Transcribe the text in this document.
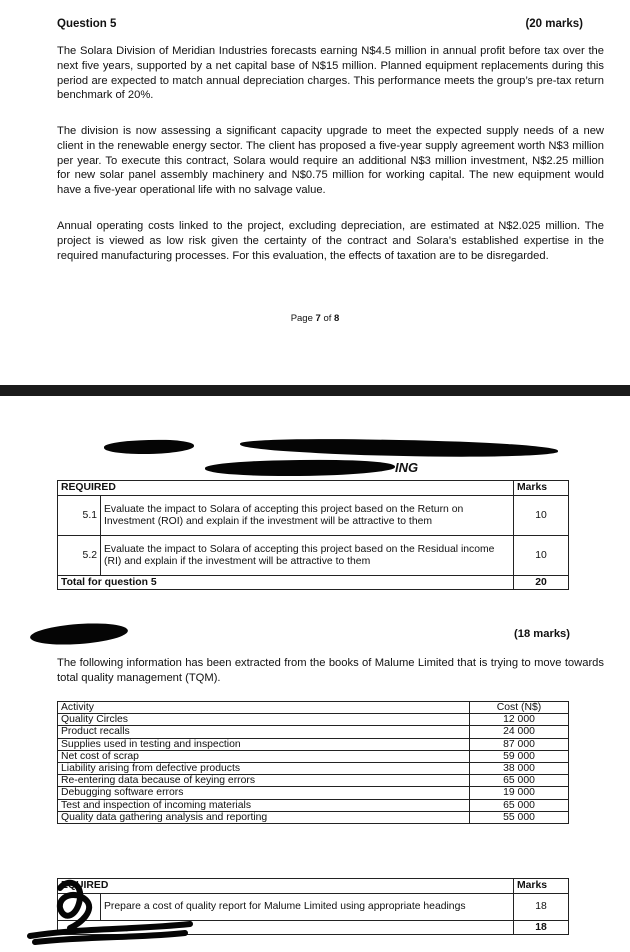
Question 5	(20 marks)

The Solara Division of Meridian Industries forecasts earning N$4.5 million in annual profit before tax over the next five years, supported by a net capital base of N$15 million. Planned equipment replacements during this period are expected to match annual depreciation charges. This performance meets the group’s pre-tax return benchmark of 20%.

The division is now assessing a significant capacity upgrade to meet the expected supply needs of a new client in the renewable energy sector. The client has proposed a five-year supply agreement worth N$3 million per year. To execute this contract, Solara would require an additional N$3 million investment, N$2.25 million for new solar panel assembly machinery and N$0.75 million for working capital. The new equipment would have a five-year operational life with no salvage value.

Annual operating costs linked to the project, excluding depreciation, are estimated at N$2.025 million. The project is viewed as low risk given the certainty of the contract and Solara’s established expertise in the required manufacturing processes. For this evaluation, the effects of taxation are to be disregarded.

Page 7 of 8
ING
REQUIRED		Marks
5.1	Evaluate the impact to Solara of accepting this project based on the Return on Investment (ROI) and explain if the investment will be attractive to them	10
5.2	Evaluate the impact to Solara of accepting this project based on the Residual income (RI) and explain if the investment will be attractive to them	10
Total for question 5		20
(18 marks)

The following information has been extracted from the books of Malume Limited that is trying to move towards total quality management (TQM).

Activity	Cost (N$)
Quality Circles	12 000
Product recalls	24 000
Supplies used in testing and inspection	87 000
Net cost of scrap	59 000
Liability arising from defective products	38 000
Re-entering data because of keying errors	65 000
Debugging software errors	19 000
Test and inspection of incoming materials	65 000
Quality data gathering analysis and reporting	55 000
EQUIRED		Marks
	Prepare a cost of quality report for Malume Limited using appropriate headings	18
		18
